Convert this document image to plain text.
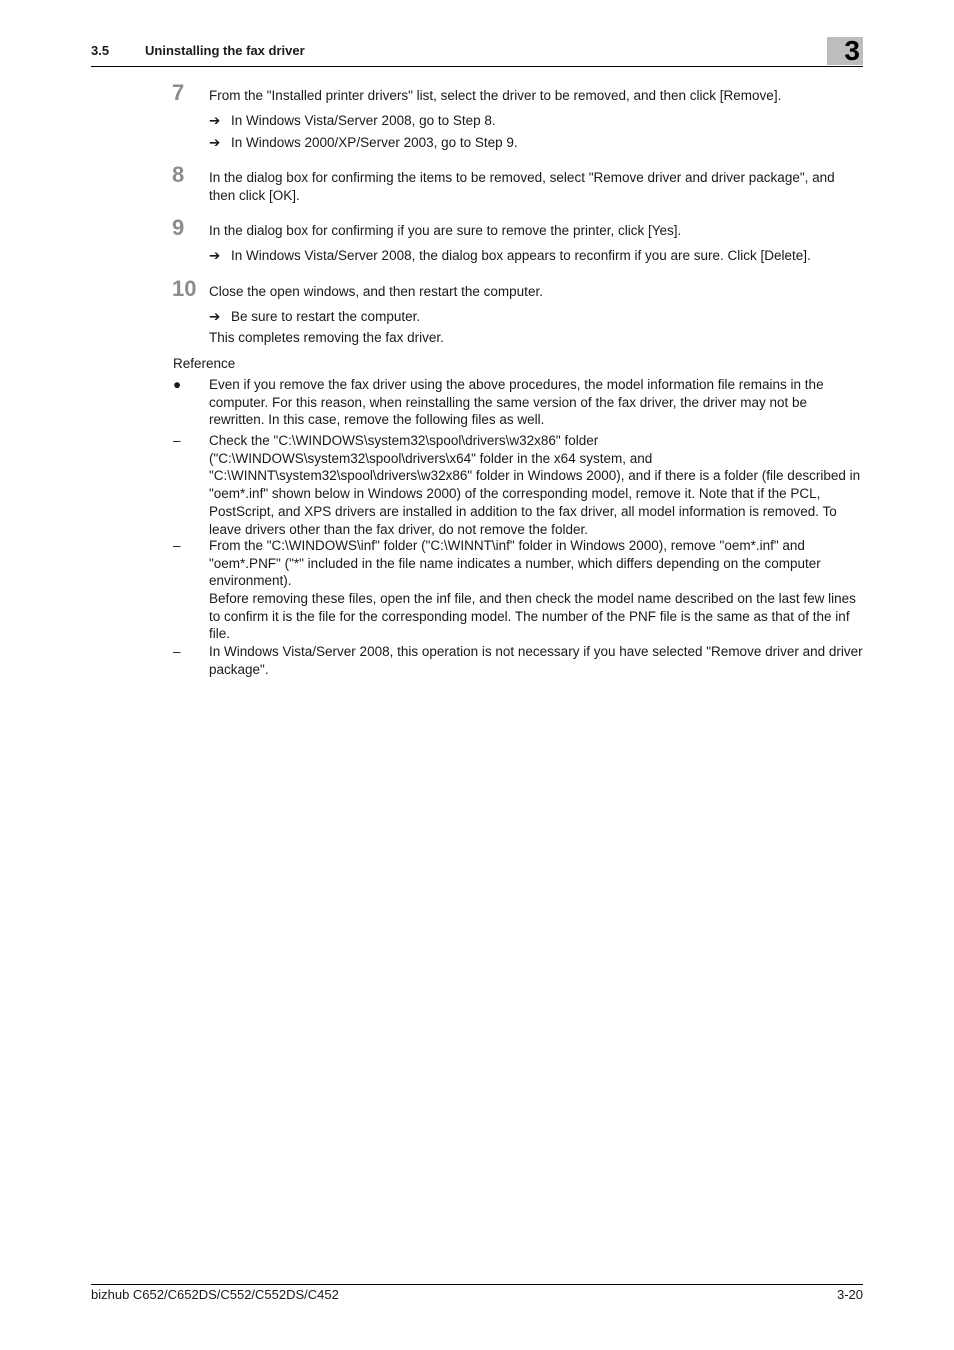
3.5	Uninstalling the fax driver	3
7 From the "Installed printer drivers" list, select the driver to be removed, and then click [Remove].

➔ In Windows Vista/Server 2008, go to Step 8.
➔ In Windows 2000/XP/Server 2003, go to Step 9.
8 In the dialog box for confirming the items to be removed, select "Remove driver and driver package", and then click [OK].

9 In the dialog box for confirming if you are sure to remove the printer, click [Yes].

➔ In Windows Vista/Server 2008, the dialog box appears to reconfirm if you are sure. Click [Delete].
10 Close the open windows, and then restart the computer.

➔ Be sure to restart the computer.

This completes removing the fax driver.

Reference

● Even if you remove the fax driver using the above procedures, the model information file remains in the computer. For this reason, when reinstalling the same version of the fax driver, the driver may not be rewritten. In this case, remove the following files as well.

– Check the "C:\WINDOWS\system32\spool\drivers\w32x86" folder ("C:\WINDOWS\system32\spool\drivers\x64" folder in the x64 system, and "C:\WINNT\system32\spool\drivers\w32x86" folder in Windows 2000), and if there is a folder (file described in "oem*.inf" shown below in Windows 2000) of the corresponding model, remove it. Note that if the PCL, PostScript, and XPS drivers are installed in addition to the fax driver, all model information is removed. To leave drivers other than the fax driver, do not remove the folder.

– From the "C:\WINDOWS\inf" folder ("C:\WINNT\inf" folder in Windows 2000), remove "oem*.inf" and "oem*.PNF" ("*" included in the file name indicates a number, which differs depending on the computer environment).

Before removing these files, open the inf file, and then check the model name described on the last few lines to confirm it is the file for the corresponding model. The number of the PNF file is the same as that of the inf file.

– In Windows Vista/Server 2008, this operation is not necessary if you have selected "Remove driver and driver package".

bizhub C652/C652DS/C552/C552DS/C452	3-20
